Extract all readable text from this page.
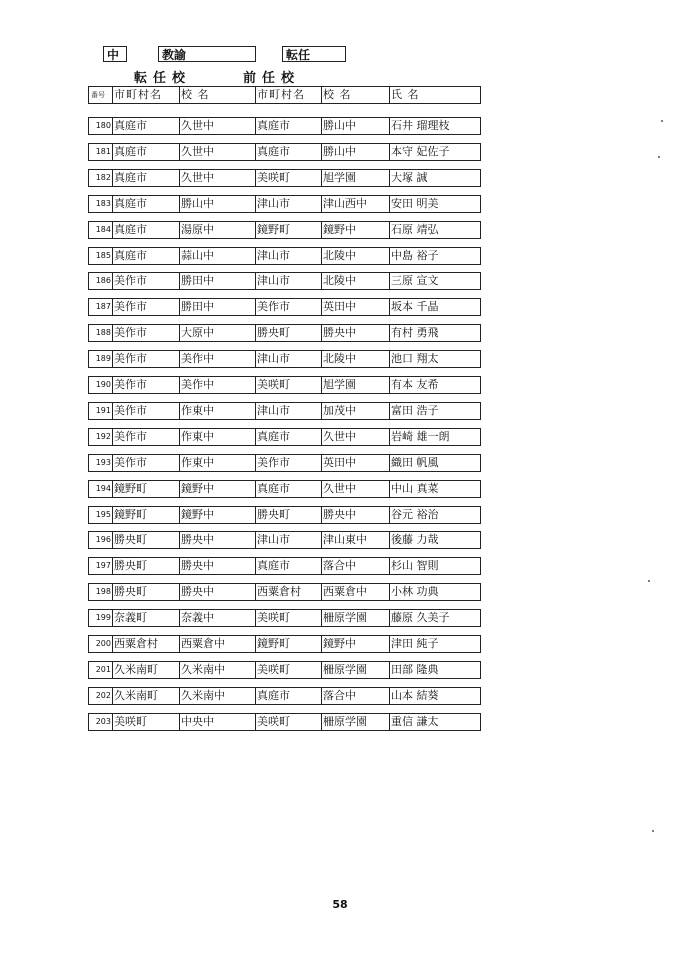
中	教諭	転任
転任校	前任校
番号 市町村名	校 名	市町村名	校 名	氏 名
180 真庭市	久世中	真庭市	勝山中	石井 瑠理枝
181 真庭市	久世中	真庭市	勝山中	本守 妃佐子
182 真庭市	久世中	美咲町	旭学園	大塚 誠
183 真庭市	勝山中	津山市	津山西中	安田 明美
184 真庭市	湯原中	鏡野町	鏡野中	石原 靖弘
185 真庭市	蒜山中	津山市	北陵中	中島 裕子
186 美作市	勝田中	津山市	北陵中	三原 宣文
187 美作市	勝田中	美作市	英田中	坂本 千晶
188 美作市	大原中	勝央町	勝央中	有村 勇飛
189 美作市	美作中	津山市	北陵中	池口 翔太
190 美作市	美作中	美咲町	旭学園	有本 友希
191 美作市	作東中	津山市	加茂中	富田 浩子
192 美作市	作東中	真庭市	久世中	岩崎 雄一朗
193 美作市	作東中	美作市	英田中	織田 帆風
194 鏡野町	鏡野中	真庭市	久世中	中山 真菜
195 鏡野町	鏡野中	勝央町	勝央中	谷元 裕治
196 勝央町	勝央中	津山市	津山東中	後藤 力哉
197 勝央町	勝央中	真庭市	落合中	杉山 智則
198 勝央町	勝央中	西粟倉村	西粟倉中	小林 功典
199 奈義町	奈義中	美咲町	柵原学園	藤原 久美子
200 西粟倉村	西粟倉中	鏡野町	鏡野中	津田 純子
201 久米南町	久米南中	美咲町	柵原学園	田部 隆典
202 久米南町	久米南中	真庭市	落合中	山本 結葵
203 美咲町	中央中	美咲町	柵原学園	重信 謙太
58
